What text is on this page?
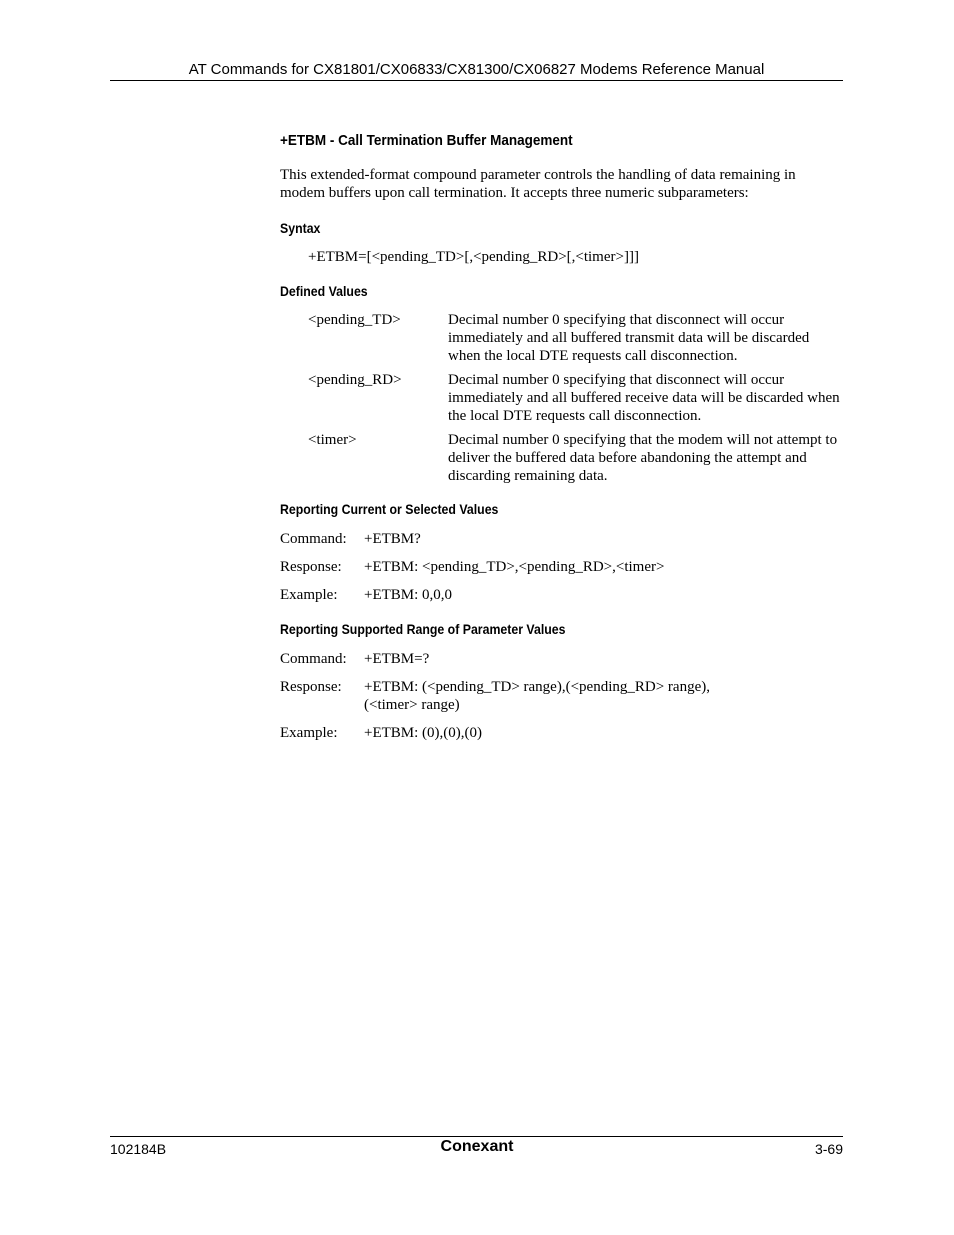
AT Commands for CX81801/CX06833/CX81300/CX06827 Modems Reference Manual
+ETBM - Call Termination Buffer Management
This extended-format compound parameter controls the handling of data remaining in modem buffers upon call termination. It accepts three numeric subparameters:
Syntax
+ETBM=[<pending_TD>[,<pending_RD>[,<timer>]]]
Defined Values
<pending_TD>	Decimal number 0 specifying that disconnect will occur immediately and all buffered transmit data will be discarded when the local DTE requests call disconnection.
<pending_RD>	Decimal number 0 specifying that disconnect will occur immediately and all buffered receive data will be discarded when the local DTE requests call disconnection.
<timer>	Decimal number 0 specifying that the modem will not attempt to deliver the buffered data before abandoning the attempt and discarding remaining data.
Reporting Current or Selected Values
Command: +ETBM?
Response: +ETBM: <pending_TD>,<pending_RD>,<timer>
Example: +ETBM: 0,0,0
Reporting Supported Range of Parameter Values
Command: +ETBM=?
Response: +ETBM: (<pending_TD> range),(<pending_RD> range),
(<timer> range)
Example: +ETBM: (0),(0),(0)
102184B	Conexant	3-69
